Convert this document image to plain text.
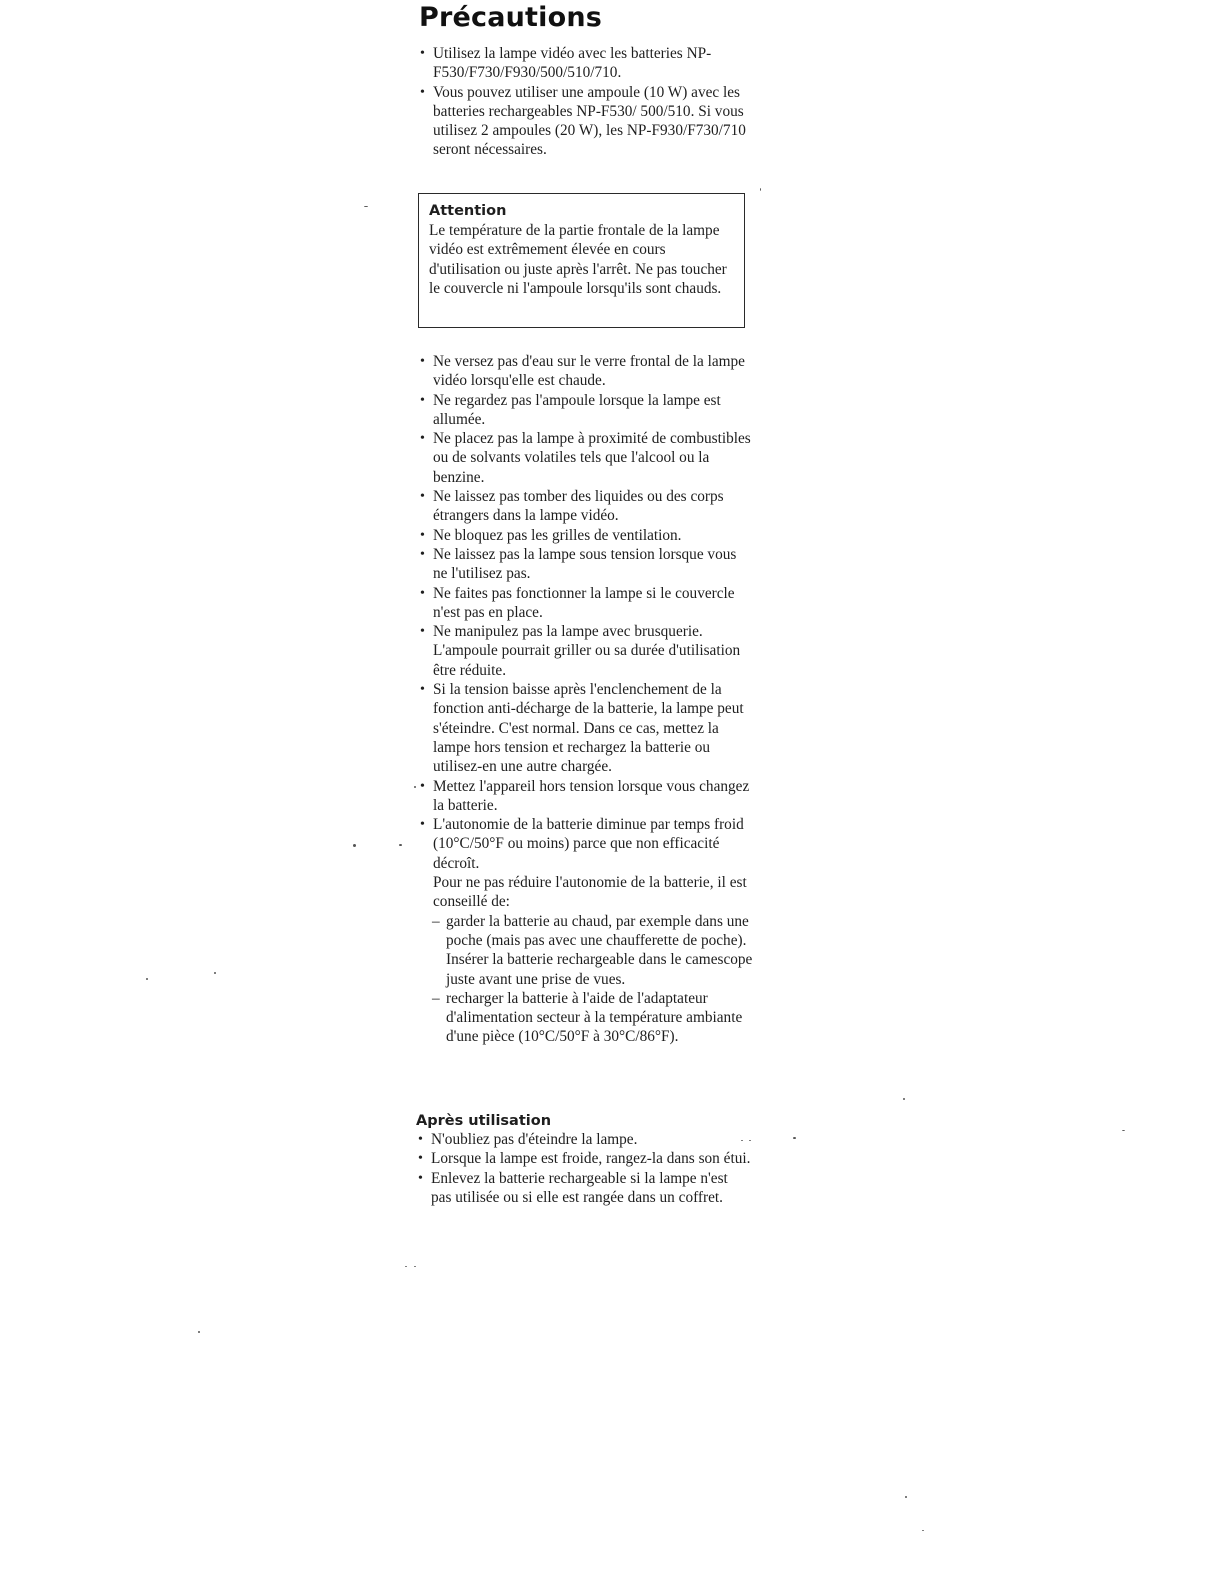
Précautions
• Utilisez la lampe vidéo avec les batteries NP-F530/F730/F930/500/510/710.
• Vous pouvez utiliser une ampoule (10 W) avec les batteries rechargeables NP-F530/ 500/510. Si vous utilisez 2 ampoules (20 W), les NP-F930/F730/710 seront nécessaires.
Attention

Le température de la partie frontale de la lampe vidéo est extrêmement élevée en cours d'utilisation ou juste après l'arrêt. Ne pas toucher le couvercle ni l'ampoule lorsqu'ils sont chauds.

• Ne versez pas d'eau sur le verre frontal de la lampe vidéo lorsqu'elle est chaude.
• Ne regardez pas l'ampoule lorsque la lampe est allumée.
• Ne placez pas la lampe à proximité de combustibles ou de solvants volatiles tels que l'alcool ou la benzine.
• Ne laissez pas tomber des liquides ou des corps étrangers dans la lampe vidéo.
• Ne bloquez pas les grilles de ventilation.
• Ne laissez pas la lampe sous tension lorsque vous ne l'utilisez pas.
• Ne faites pas fonctionner la lampe si le couvercle n'est pas en place.
• Ne manipulez pas la lampe avec brusquerie. L'ampoule pourrait griller ou sa durée d'utilisation être réduite.
• Si la tension baisse après l'enclenchement de la fonction anti-décharge de la batterie, la lampe peut s'éteindre. C'est normal. Dans ce cas, mettez la lampe hors tension et rechargez la batterie ou utilisez-en une autre chargée.
• Mettez l'appareil hors tension lorsque vous changez la batterie.
• L'autonomie de la batterie diminue par temps froid (10°C/50°F ou moins) parce que non efficacité décroît.
Pour ne pas réduire l'autonomie de la batterie, il est conseillé de:
– garder la batterie au chaud, par exemple dans une poche (mais pas avec une chaufferette de poche). Insérer la batterie rechargeable dans le camescope juste avant une prise de vues.
– recharger la batterie à l'aide de l'adaptateur d'alimentation secteur à la température ambiante d'une pièce (10°C/50°F à 30°C/86°F).
Après utilisation
• N'oubliez pas d'éteindre la lampe.
• Lorsque la lampe est froide, rangez-la dans son étui.
• Enlevez la batterie rechargeable si la lampe n'est pas utilisée ou si elle est rangée dans un coffret.
